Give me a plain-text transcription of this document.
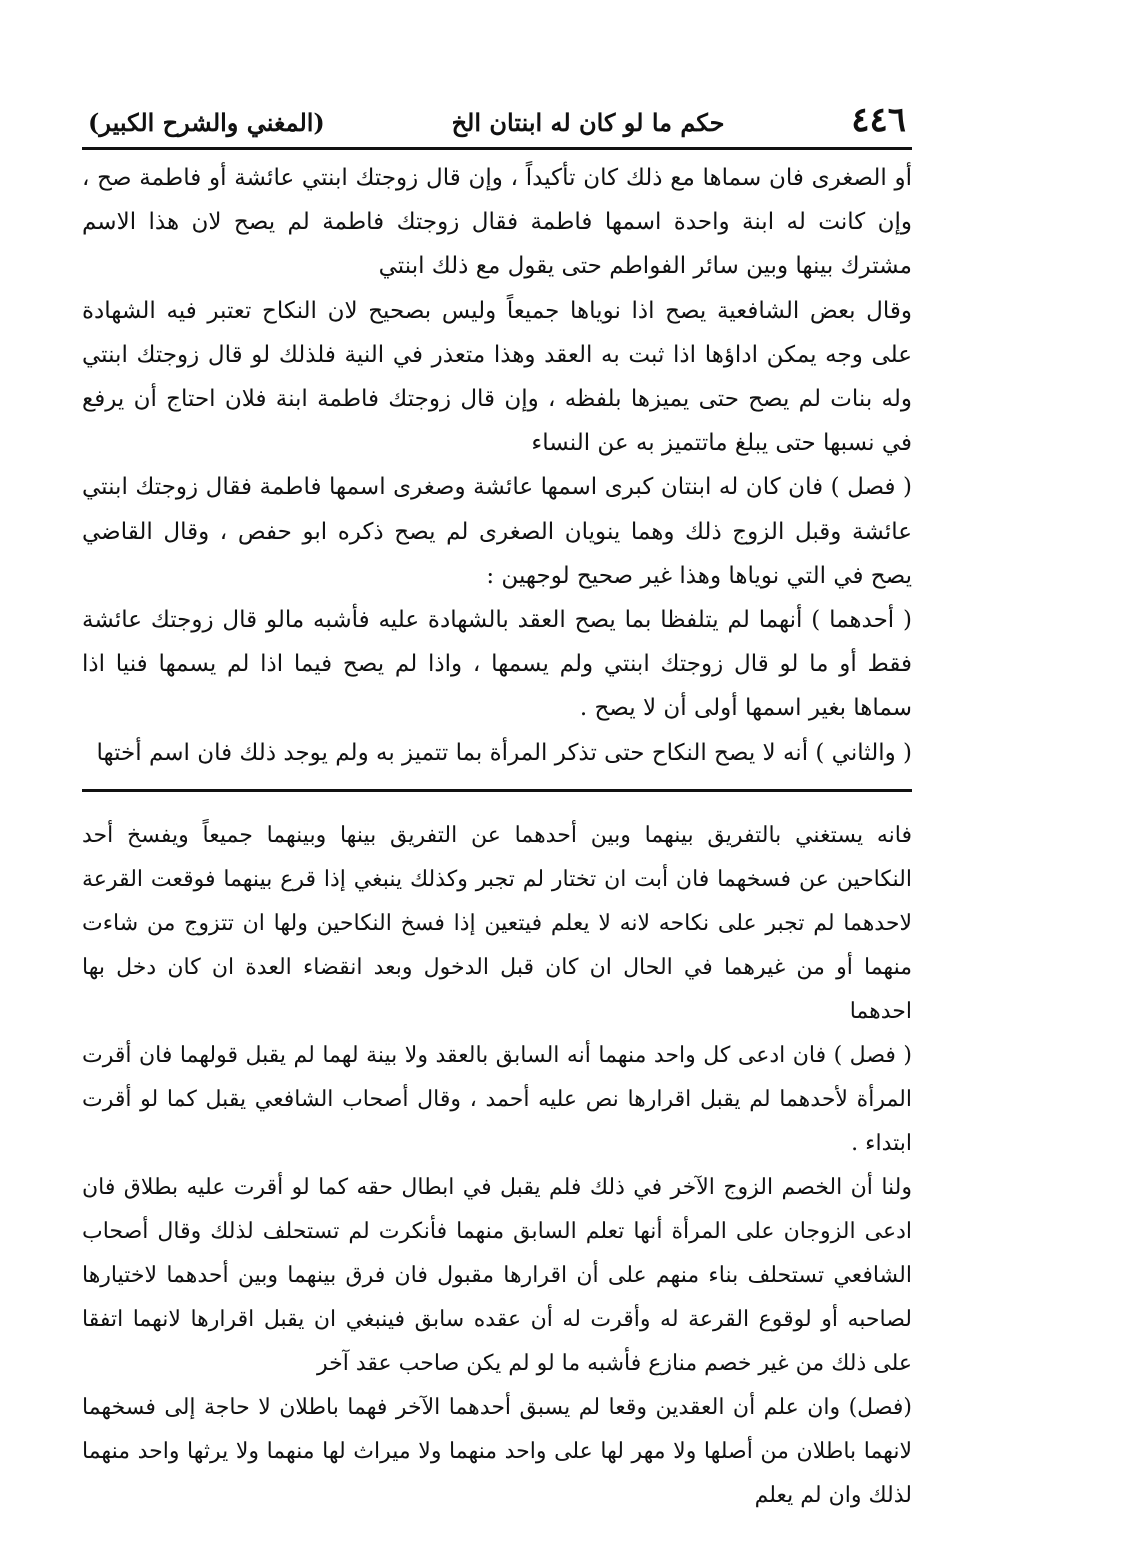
٤٤٦
حكم ما لو كان له ابنتان الخ
(المغني والشرح الكبير)

أو الصغرى فان سماها مع ذلك كان تأكيداً ، وإن قال زوجتك ابنتي عائشة أو فاطمة صح ، وإن كانت له ابنة واحدة اسمها فاطمة فقال زوجتك فاطمة لم يصح لان هذا الاسم مشترك بينها وبين سائر الفواطم حتى يقول مع ذلك ابنتي

وقال بعض الشافعية يصح اذا نوياها جميعاً وليس بصحيح لان النكاح تعتبر فيه الشهادة على وجه يمكن اداؤها اذا ثبت به العقد وهذا متعذر في النية فلذلك لو قال زوجتك ابنتي وله بنات لم يصح حتى يميزها بلفظه ، وإن قال زوجتك فاطمة ابنة فلان احتاج أن يرفع في نسبها حتى يبلغ ماتتميز به عن النساء

( فصل ) فان كان له ابنتان كبرى اسمها عائشة وصغرى اسمها فاطمة فقال زوجتك ابنتي عائشة وقبل الزوج ذلك وهما ينويان الصغرى لم يصح ذكره ابو حفص ، وقال القاضي يصح في التي نوياها وهذا غير صحيح لوجهين :

( أحدهما ) أنهما لم يتلفظا بما يصح العقد بالشهادة عليه فأشبه مالو قال زوجتك عائشة فقط أو ما لو قال زوجتك ابنتي ولم يسمها ، واذا لم يصح فيما اذا لم يسمها فنيا اذا سماها بغير اسمها أولى أن لا يصح .

( والثاني ) أنه لا يصح النكاح حتى تذكر المرأة بما تتميز به ولم يوجد ذلك فان اسم أختها

فانه يستغني بالتفريق بينهما وبين أحدهما عن التفريق بينها وبينهما جميعاً ويفسخ أحد النكاحين عن فسخهما فان أبت ان تختار لم تجبر وكذلك ينبغي إذا قرع بينهما فوقعت القرعة لاحدهما لم تجبر على نكاحه لانه لا يعلم فيتعين إذا فسخ النكاحين ولها ان تتزوج من شاءت منهما أو من غيرهما في الحال ان كان قبل الدخول وبعد انقضاء العدة ان كان دخل بها احدهما

( فصل ) فان ادعى كل واحد منهما أنه السابق بالعقد ولا بينة لهما لم يقبل قولهما فان أقرت المرأة لأحدهما لم يقبل اقرارها نص عليه أحمد ، وقال أصحاب الشافعي يقبل كما لو أقرت ابتداء .

ولنا أن الخصم الزوج الآخر في ذلك فلم يقبل في ابطال حقه كما لو أقرت عليه بطلاق فان ادعى الزوجان على المرأة أنها تعلم السابق منهما فأنكرت لم تستحلف لذلك وقال أصحاب الشافعي تستحلف بناء منهم على أن اقرارها مقبول فان فرق بينهما وبين أحدهما لاختيارها لصاحبه أو لوقوع القرعة له وأقرت له أن عقده سابق فينبغي ان يقبل اقرارها لانهما اتفقا على ذلك من غير خصم منازع فأشبه ما لو لم يكن صاحب عقد آخر

(فصل) وان علم أن العقدين وقعا لم يسبق أحدهما الآخر فهما باطلان لا حاجة إلى فسخهما لانهما باطلان من أصلها ولا مهر لها على واحد منهما ولا ميراث لها منهما ولا يرثها واحد منهما لذلك وان لم يعلم
